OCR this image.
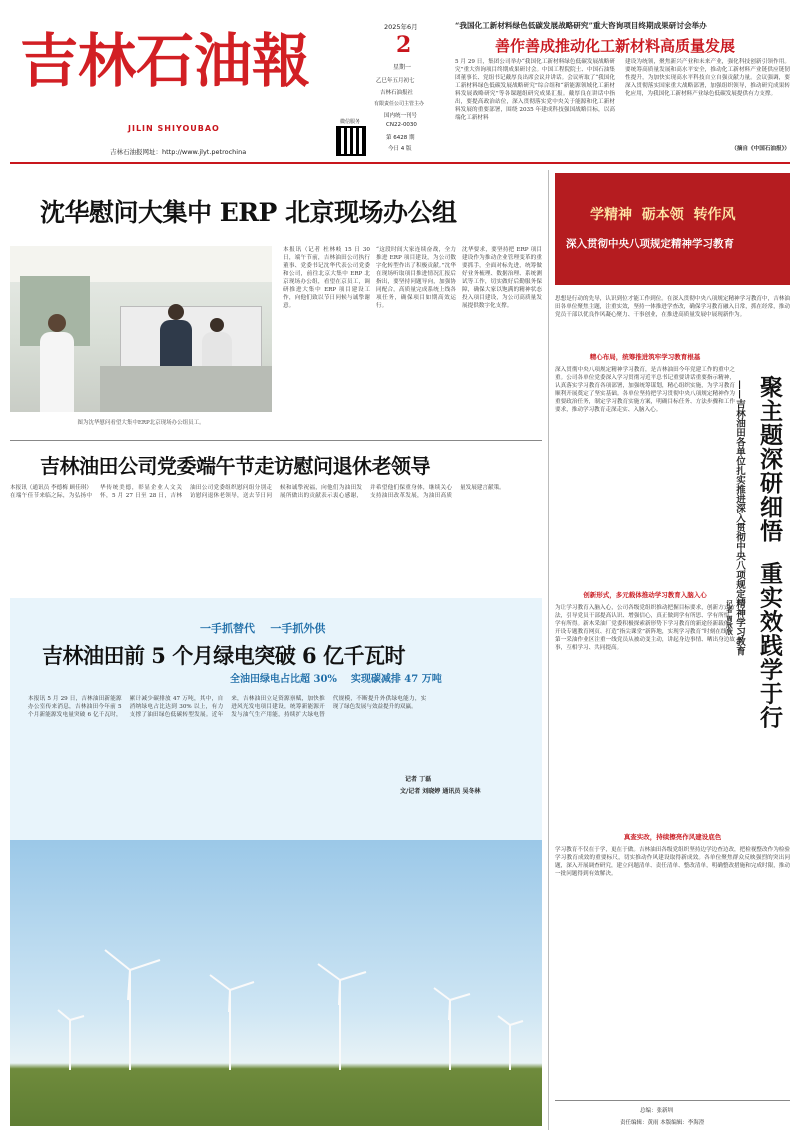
吉林石油報
JILIN SHIYOUBAO
吉林石油报网址：http://www.jlyt.petrochina
2025年6月
2
星期一
乙巳年五月初七
吉林石油报社
有限责任公司主管主办
国内统一刊号
CN22-0030
第 6428 期
今日 4 版
微信服务
“我国化工新材料绿色低碳发展战略研究”重大咨询项目终期成果研讨会举办
善作善成推动化工新材料高质量发展
5 月 29 日，集团公司举办“我国化工新材料绿色低碳发展战略研究”重大咨询项目终期成果研讨会。中国工程院院士、中国石油集团董事长、党组书记戴厚良出席会议并讲话。会议听取了“我国化工新材料绿色低碳发展战略研究”综合组和“新能源领域化工新材料发展战略研究”等各课题组研究成果汇报。戴厚良在讲话中指出，要提高政治站位，深入贯彻落实党中央关于能源和化工新材料发展的重要部署，围绕 2035 年建成科技强国战略目标，以高端化工新材料
建设为统领，聚焦新兴产业和未来产业，强化科技创新引领作用。要统筹高质量发展和高水平安全，推动化工新材料产业链供应链韧性提升，为加快实现高水平科技自立自强贡献力量。会议强调，要深入贯彻落实国家重大战略部署，加强组织领导，推动研究成果转化应用，为我国化工新材料产业绿色低碳发展提供有力支撑。
（摘自《中国石油报》）
沈华慰问大集中 ERP 北京现场办公组
图为沈华慰问看望大集中ERP北京现场办公组员工。
本报讯（记者 杜林岐 15 日 30 日，端午节前，吉林油田公司执行董事、党委书记沈华代表公司党委和公司，前往北京大集中 ERP 北京现场办公组，看望在京员工，调研推进大集中 ERP 项目建设工作，向他们致以节日问候与诚挚谢意。
“这段时间大家连续奋战，全力推进 ERP 项目建设，为公司数字化转型作出了积极贡献。”沈华在现场听取项目推进情况汇报后指出，要坚持问题导向，加强协同配合，高质量完成系统上线各项任务，确保项目如期高效运行。
沈华要求，要坚持把 ERP 项目建设作为推动企业管理变革的重要抓手，全面对标先进，统筹做好业务梳理、数据治理、系统测试等工作，切实做好后勤服务保障，确保大家以饱满的精神状态投入项目建设，为公司高质量发展提供数字化支撑。
吉林油田公司党委端午节走访慰问退休老领导
本报讯（通讯员 李德梅 顾佳琪）在端午佳节来临之际，为弘扬中华传统美德，彰显企业人文关怀，5 月 27 日至 28 日，吉林油田公司党委组织慰问组分别走访慰问退休老领导，送去节日问候和诚挚祝福，向他们为油田发展所做出的贡献表示衷心感谢，并希望他们保重身体，继续关心支持油田改革发展，为油田高质量发展建言献策。
一手抓替代    一手抓外供
吉林油田前 5 个月绿电突破 6 亿千瓦时
全油田绿电占比超 30%    实现碳减排 47 万吨
本报讯 5 月 29 日，吉林油田新能源办公室传来消息，吉林油田今年前 5 个月新能源发电量突破 6 亿千瓦时，累计减少碳排放 47 万吨，其中，自消纳绿电占比达到 30% 以上，有力支撑了油田绿色低碳转型发展。近年来，吉林油田立足资源禀赋，加快推进风光发电项目建设，统筹新能源开发与油气生产用能，持续扩大绿电替代规模，不断提升外供绿电能力，实现了绿色发展与效益提升的双赢。
记者 丁磊
文/记者 刘晓婷 通讯员 吴冬林
学精神  砺本领  转作风
深入贯彻中央八项规定精神学习教育
思想是行动的先导，认识到位才能工作到位。在深入贯彻中央八项规定精神学习教育中，吉林油田各单位聚焦主题，注重实效，坚持一体推进学查改，确保学习教育融入日常，抓在经常，推动党员干部以优良作风凝心聚力、干事创业，在推进高质量发展中展现新作为。
精心布局，统筹推进筑牢学习教育根基
深入贯彻中央八项规定精神学习教育，是吉林油田今年党建工作的重中之重。公司各单位党委深入学习贯彻习近平总书记重要讲话重要指示精神，认真落实学习教育各项部署，加强统筹谋划，精心组织实施，为学习教育顺利开展奠定了坚实基础。各单位坚持把学习贯彻中央八项规定精神作为重要政治任务，制定学习教育实施方案，明确目标任务、方法步骤和工作要求，推动学习教育走深走实、入脑入心。
创新形式，多元载体推动学习教育入脑入心
为让学习教育入脑入心，公司各级党组织推动把握目标要求，创新方式方法，引导党员干部提高认识、增强信心，真正做到学有所思、学有所悟、学有所得。新木采油厂党委积极探索新形势下学习教育的新途径新载体，开设专题教育网页、打造“指尖课堂”新阵地，实现学习教育“时刻在线”。第一采油作业区注重一线党员从被动变主动，讲起身边事情、晒出身边故事，互相学习、共同提高。	聚主题深研细悟  重实效践学于行
——吉林油田各单位扎实推进深入贯彻中央八项规定精神学习教育
记者 周欣欣
真查实改，持续擦亮作风建设底色
学习教育不仅在于学，更在于做。吉林油田各级党组织坚持边学边查边改，把检视整改作为检验学习教育成效的重要标尺，切实推动作风建设取得新成效。各单位聚焦群众反映强烈的突出问题，深入开展调查研究，建立问题清单、责任清单、整改清单，明确整改措施和完成时限，推动一批问题得到有效解决。
总编：张新圳
责任编辑：黄雨 本版编辑：李海澄
